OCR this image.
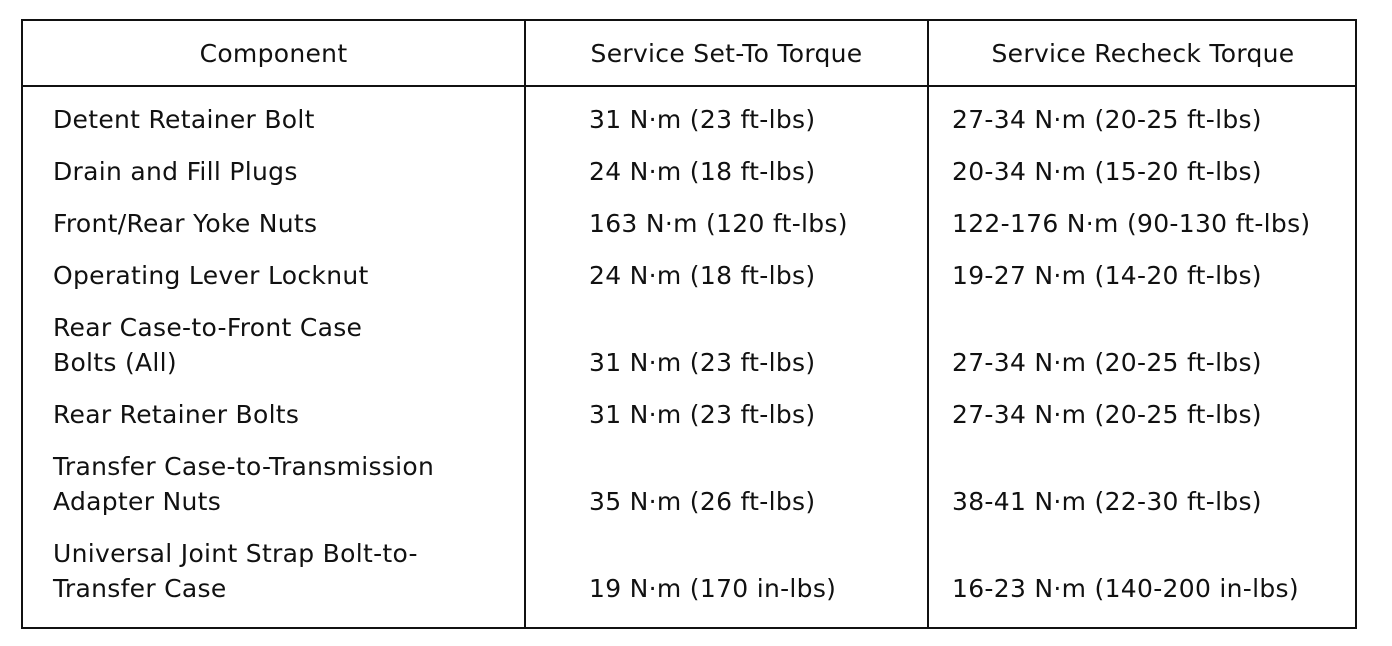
Component	Service Set-To Torque	Service Recheck Torque
Detent Retainer Bolt	31 N·m (23 ft-lbs)	27-34 N·m (20-25 ft-lbs)
Drain and Fill Plugs	24 N·m (18 ft-lbs)	20-34 N·m (15-20 ft-lbs)
Front/Rear Yoke Nuts	163 N·m (120 ft-lbs)	122-176 N·m (90-130 ft-lbs)
Operating Lever Locknut	24 N·m (18 ft-lbs)	19-27 N·m (14-20 ft-lbs)
Rear Case-to-Front Case
Bolts (All)	31 N·m (23 ft-lbs)	27-34 N·m (20-25 ft-lbs)
Rear Retainer Bolts	31 N·m (23 ft-lbs)	27-34 N·m (20-25 ft-lbs)
Transfer Case-to-Transmission
Adapter Nuts	35 N·m (26 ft-lbs)	38-41 N·m (22-30 ft-lbs)
Universal Joint Strap Bolt-to-
Transfer Case	19 N·m (170 in-lbs)	16-23 N·m (140-200 in-lbs)
